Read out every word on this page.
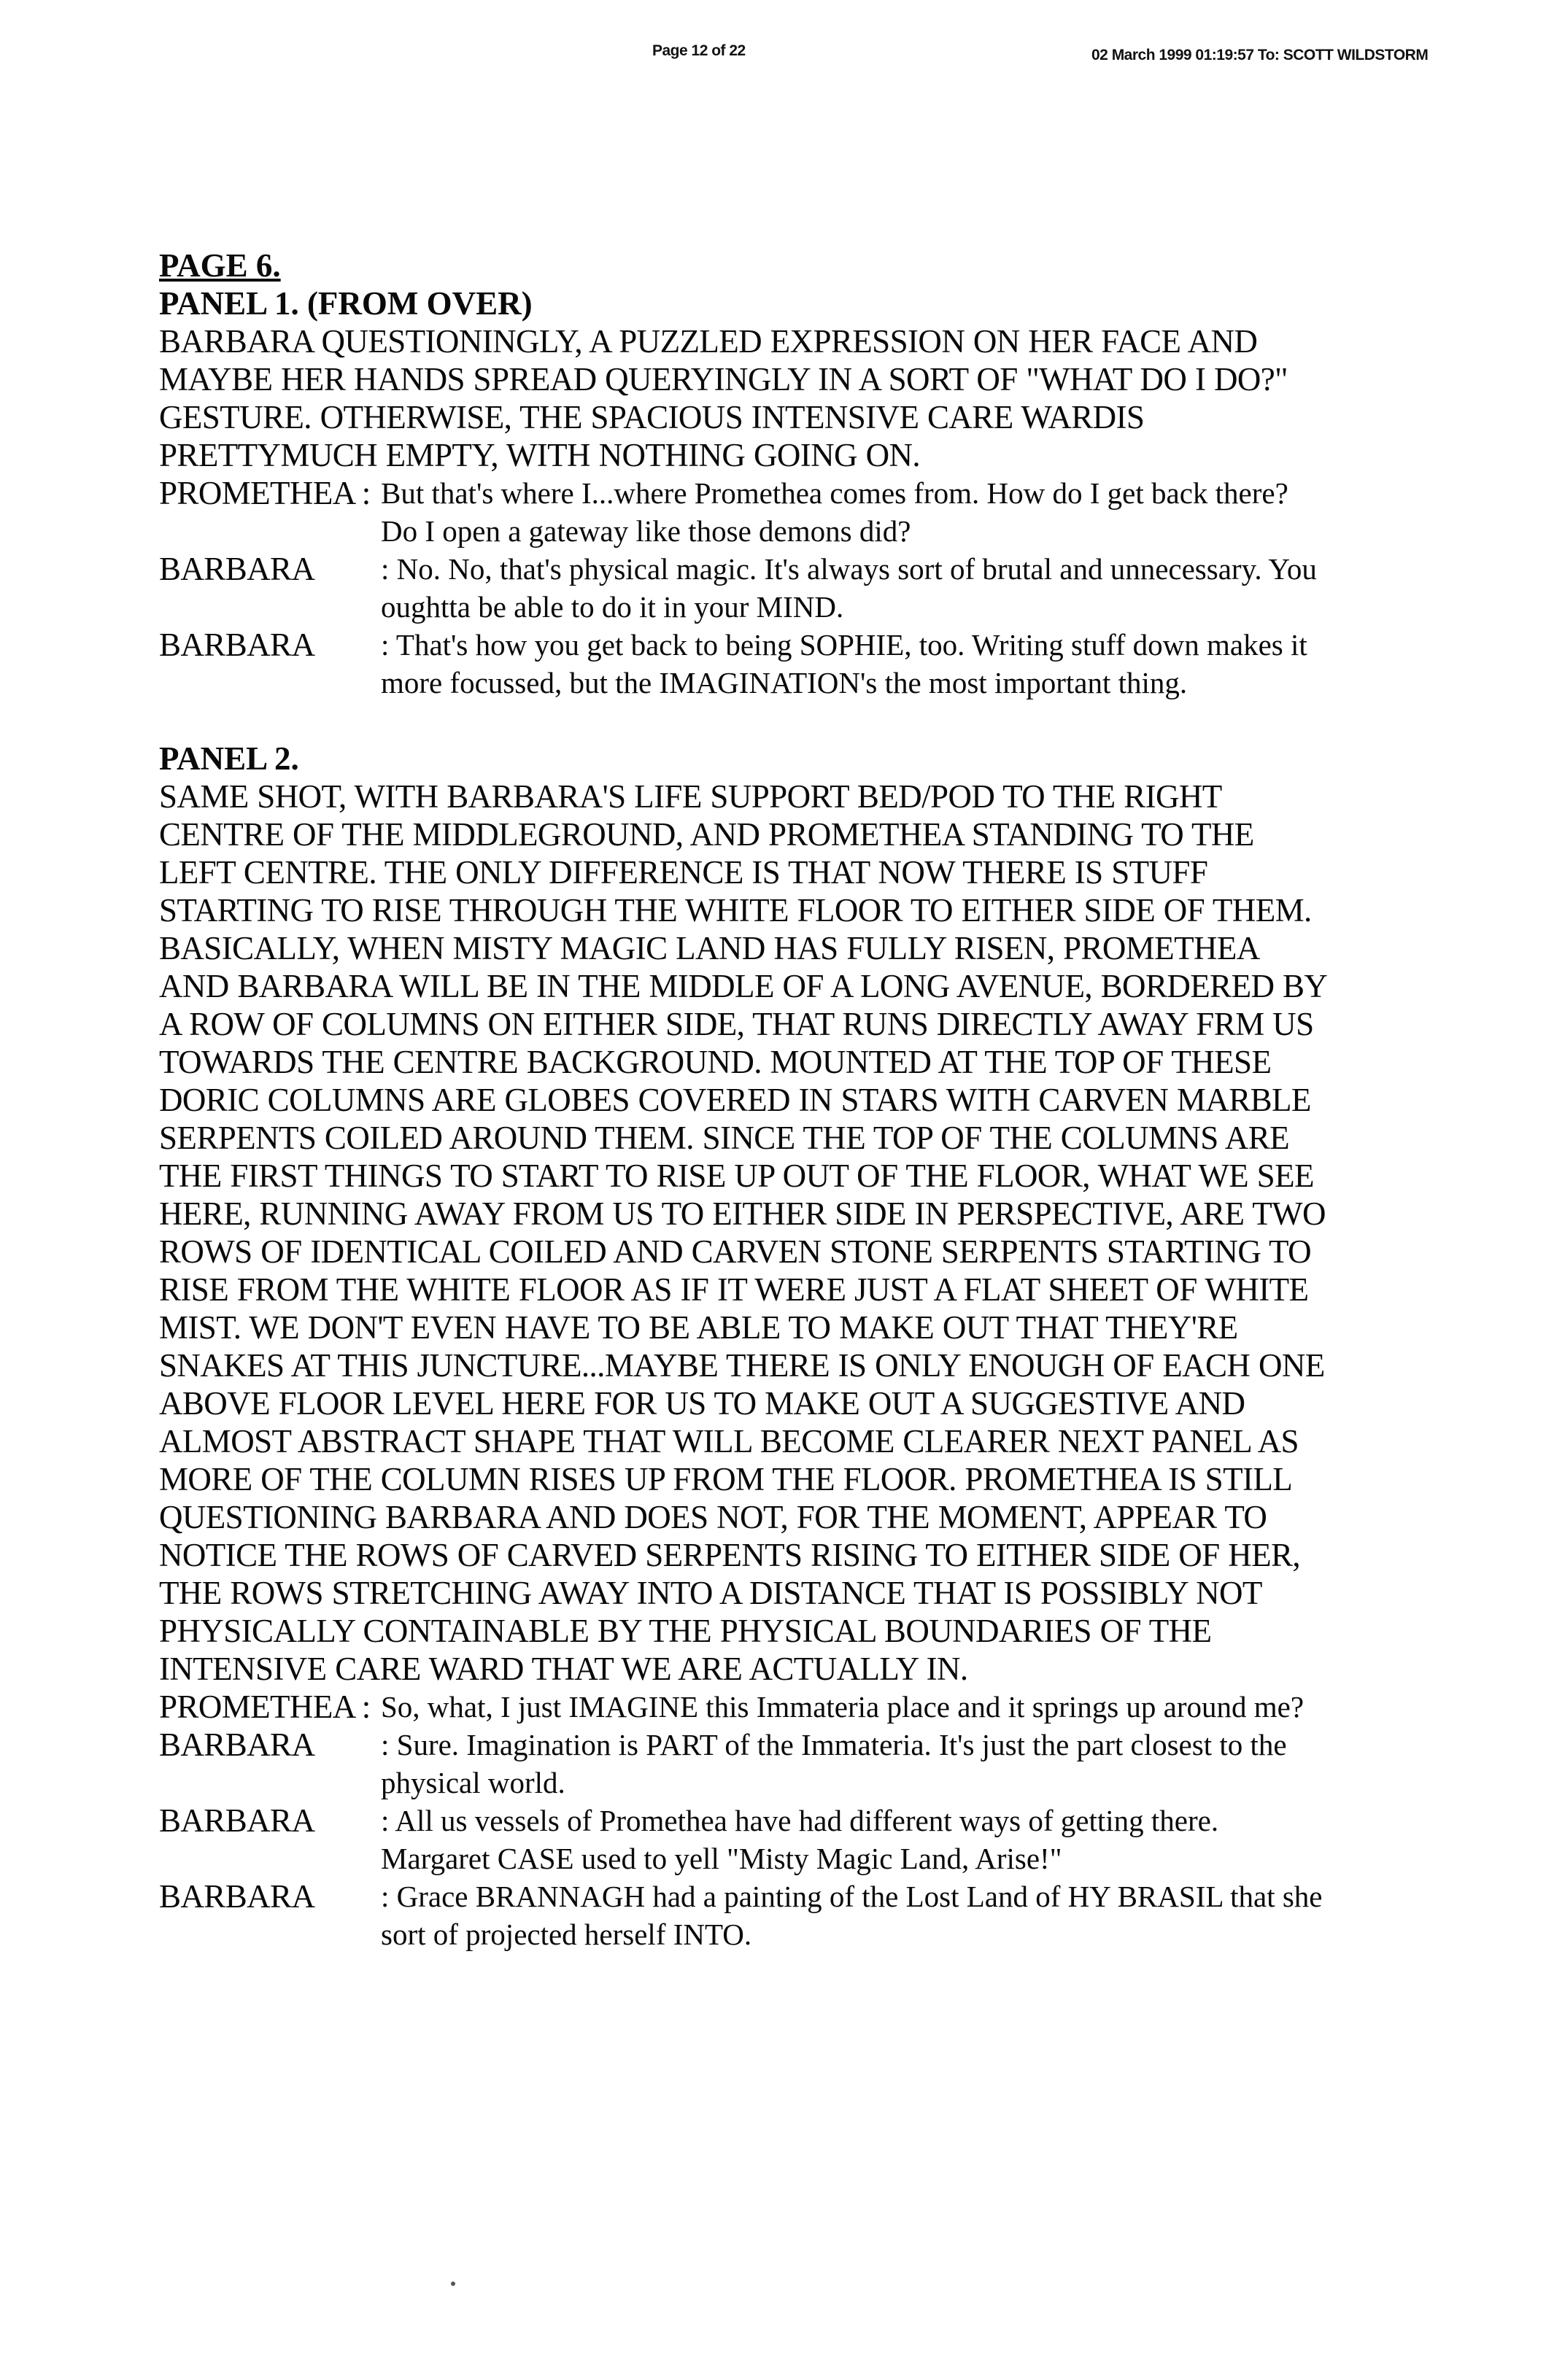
Page 12 of 22	02 March 1999 01:19:57 To: SCOTT WILDSTORM

PAGE 6.

PANEL 1. (FROM OVER)

BARBARA QUESTIONINGLY, A PUZZLED EXPRESSION ON HER FACE AND MAYBE HER HANDS SPREAD QUERYINGLY IN A SORT OF "WHAT DO I DO?" GESTURE. OTHERWISE, THE SPACIOUS INTENSIVE CARE WARDIS PRETTYMUCH EMPTY, WITH NOTHING GOING ON.

PROMETHEA : But that's where I...where Promethea comes from. How do I get back there? Do I open a gateway like those demons did?
BARBARA	: No. No, that's physical magic. It's always sort of brutal and unnecessary. You oughtta be able to do it in your MIND.
BARBARA	: That's how you get back to being SOPHIE, too. Writing stuff down makes it more focussed, but the IMAGINATION's the most important thing.

PANEL 2.

SAME SHOT, WITH BARBARA'S LIFE SUPPORT BED/POD TO THE RIGHT CENTRE OF THE MIDDLEGROUND, AND PROMETHEA STANDING TO THE LEFT CENTRE. THE ONLY DIFFERENCE IS THAT NOW THERE IS STUFF STARTING TO RISE THROUGH THE WHITE FLOOR TO EITHER SIDE OF THEM. BASICALLY, WHEN MISTY MAGIC LAND HAS FULLY RISEN, PROMETHEA AND BARBARA WILL BE IN THE MIDDLE OF A LONG AVENUE, BORDERED BY A ROW OF COLUMNS ON EITHER SIDE, THAT RUNS DIRECTLY AWAY FRM US TOWARDS THE CENTRE BACKGROUND. MOUNTED AT THE TOP OF THESE DORIC COLUMNS ARE GLOBES COVERED IN STARS WITH CARVEN MARBLE SERPENTS COILED AROUND THEM. SINCE THE TOP OF THE COLUMNS ARE THE FIRST THINGS TO START TO RISE UP OUT OF THE FLOOR, WHAT WE SEE HERE, RUNNING AWAY FROM US TO EITHER SIDE IN PERSPECTIVE, ARE TWO ROWS OF IDENTICAL COILED AND CARVEN STONE SERPENTS STARTING TO RISE FROM THE WHITE FLOOR AS IF IT WERE JUST A FLAT SHEET OF WHITE MIST. WE DON'T EVEN HAVE TO BE ABLE TO MAKE OUT THAT THEY'RE SNAKES AT THIS JUNCTURE...MAYBE THERE IS ONLY ENOUGH OF EACH ONE ABOVE FLOOR LEVEL HERE FOR US TO MAKE OUT A SUGGESTIVE AND ALMOST ABSTRACT SHAPE THAT WILL BECOME CLEARER NEXT PANEL AS MORE OF THE COLUMN RISES UP FROM THE FLOOR. PROMETHEA IS STILL QUESTIONING BARBARA AND DOES NOT, FOR THE MOMENT, APPEAR TO NOTICE THE ROWS OF CARVED SERPENTS RISING TO EITHER SIDE OF HER, THE ROWS STRETCHING AWAY INTO A DISTANCE THAT IS POSSIBLY NOT PHYSICALLY CONTAINABLE BY THE PHYSICAL BOUNDARIES OF THE INTENSIVE CARE WARD THAT WE ARE ACTUALLY IN.

PROMETHEA : So, what, I just IMAGINE this Immateria place and it springs up around me?
BARBARA	: Sure. Imagination is PART of the Immateria. It's just the part closest to the physical world.
BARBARA	: All us vessels of Promethea have had different ways of getting there. Margaret CASE used to yell "Misty Magic Land, Arise!"
BARBARA	: Grace BRANNAGH had a painting of the Lost Land of HY BRASIL that she sort of projected herself INTO.
